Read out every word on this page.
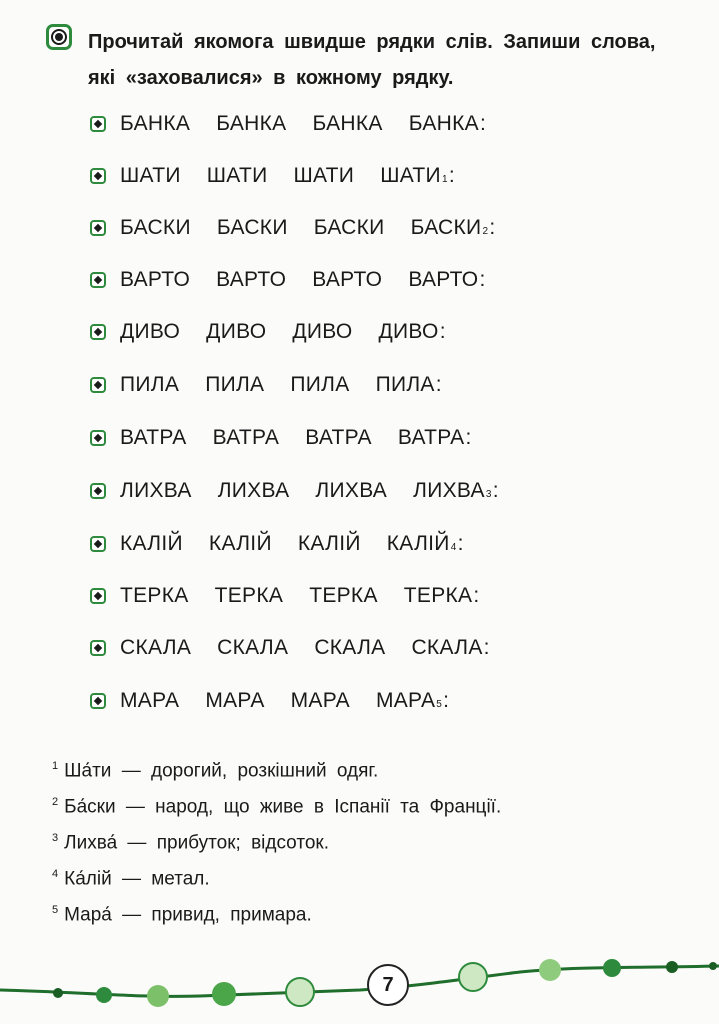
Прочитай якомога швидше рядки слів. Запиши слова,
які «заховалися» в кожному рядку.

БАНКА БАНКА БАНКА БАНКА :
ШАТИ ШАТИ ШАТИ ШАТИ 1 :
БАСКИ БАСКИ БАСКИ БАСКИ 2 :
ВАРТО ВАРТО ВАРТО ВАРТО :
ДИВО ДИВО ДИВО ДИВО :
ПИЛА ПИЛА ПИЛА ПИЛА :
ВАТРА ВАТРА ВАТРА ВАТРА :
ЛИХВА ЛИХВА ЛИХВА ЛИХВА 3 :
КАЛІЙ КАЛІЙ КАЛІЙ КАЛІЙ 4 :
ТЕРКА ТЕРКА ТЕРКА ТЕРКА :
СКАЛА СКАЛА СКАЛА СКАЛА :
МАРА МАРА МАРА МАРА 5 :
$^1$ Ша́ти — дорогий, розкішний одяг.
$^2$ Ба́ски — народ, що живе в Іспанії та Франції.
$^3$ Лихва́ — прибуток; відсоток.
$^4$ Ка́лій — метал.
$^5$ Мара́ — привид, примара.
7
